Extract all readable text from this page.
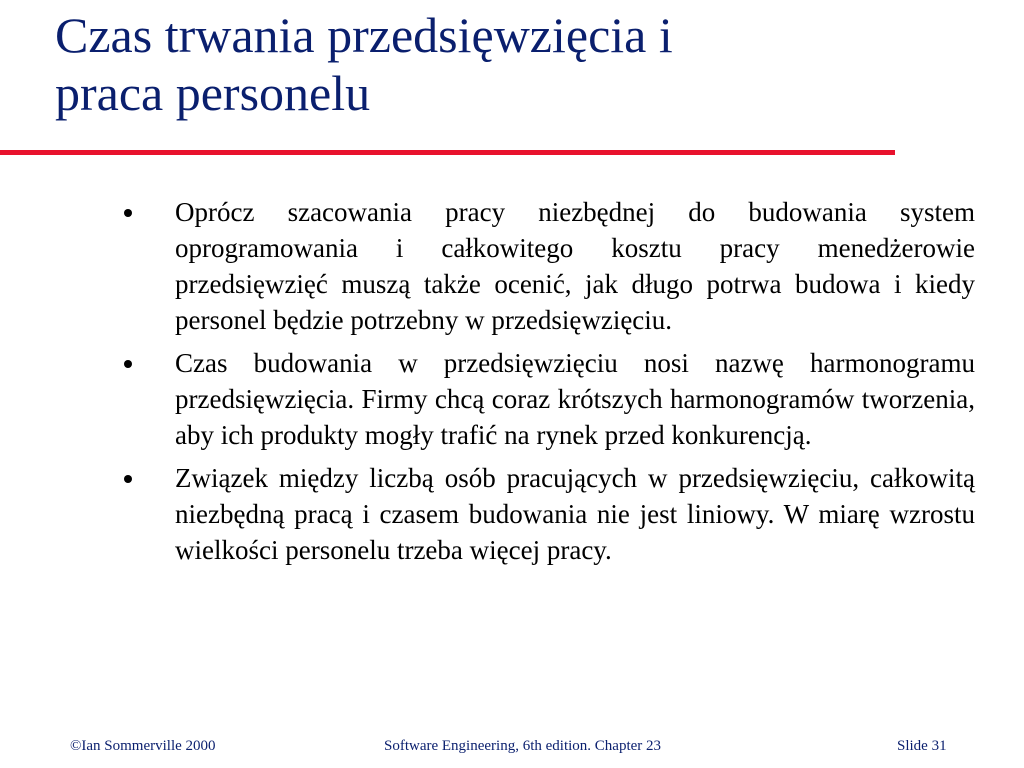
Czas trwania przedsięwzięcia i
praca personelu
Oprócz szacowania pracy niezbędnej do budowania system oprogramowania i całkowitego kosztu pracy menedżerowie przedsięwzięć muszą także ocenić, jak długo potrwa budowa i kiedy personel będzie potrzebny w przedsięwzięciu.
Czas budowania w przedsięwzięciu nosi nazwę harmonogramu przedsięwzięcia. Firmy chcą coraz krótszych harmonogramów tworzenia, aby ich produkty mogły trafić na rynek przed konkurencją.
Związek między liczbą osób pracujących w przedsięwzięciu, całkowitą niezbędną pracą i czasem budowania nie jest liniowy. W miarę wzrostu wielkości personelu trzeba więcej pracy.
©Ian Sommerville 2000	Software Engineering, 6th edition. Chapter 23	Slide 31
